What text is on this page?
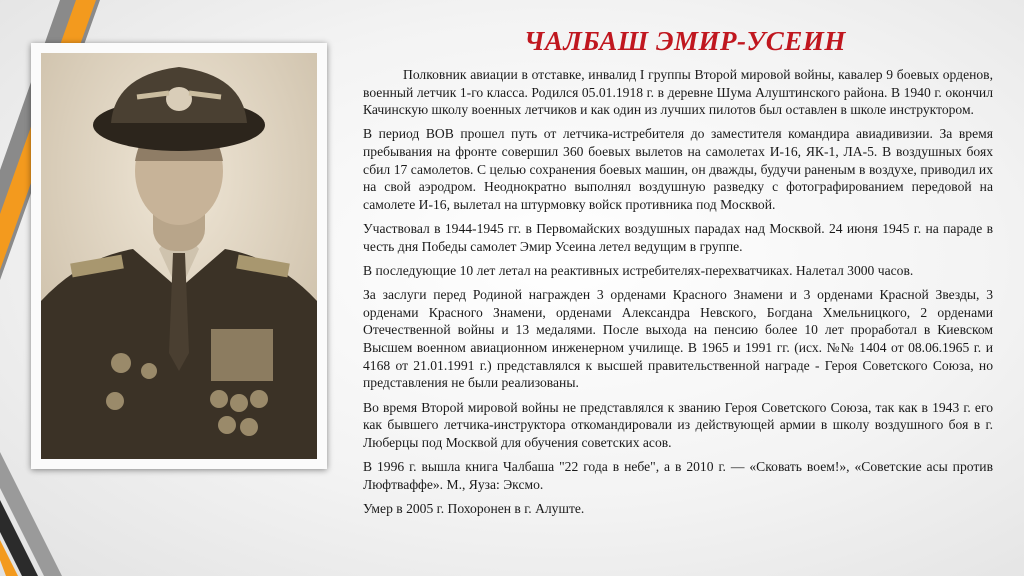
ЧАЛБАШ ЭМИР-УСЕИН

Полковник авиации в отставке, инвалид I группы Второй мировой войны, кавалер 9 боевых орденов, военный летчик 1-го класса. Родился 05.01.1918 г. в деревне Шума Алуштинского района. В 1940 г. окончил Качинскую школу военных летчиков и как один из лучших пилотов был оставлен в школе инструктором.

В период ВОВ прошел путь от летчика-истребителя до заместителя командира авиадивизии. За время пребывания на фронте совершил 360 боевых вылетов на самолетах И-16, ЯК-1, ЛА-5. В воздушных боях сбил 17 самолетов. С целью сохранения боевых машин, он дважды, будучи раненым в воздухе, приводил их на свой аэродром. Неоднократно выполнял воздушную разведку с фотографированием передовой на самолете И-16, вылетал на штурмовку войск противника под Москвой.

Участвовал в 1944-1945 гг. в Первомайских воздушных парадах над Москвой. 24 июня 1945 г. на параде в честь дня Победы самолет Эмир Усеина летел ведущим в группе.

В последующие 10 лет летал на реактивных истребителях-перехватчиках. Налетал 3000 часов.

За заслуги перед Родиной награжден 3 орденами Красного Знамени и 3 орденами Красной Звезды, 3 орденами Красного Знамени, орденами Александра Невского, Богдана Хмельницкого, 2 орденами Отечественной войны и 13 медалями. После выхода на пенсию более 10 лет проработал в Киевском Высшем военном авиационном инженерном училище. В 1965 и 1991 гг. (исх. №№ 1404 от 08.06.1965 г. и 4168 от 21.01.1991 г.) представлялся к высшей правительственной награде - Героя Советского Союза, но представления не были реализованы.

Во время Второй мировой войны не представлялся к званию Героя Советского Союза, так как в 1943 г. его как бывшего летчика-инструктора откомандировали из действующей армии в школу воздушного боя в г. Люберцы под Москвой для обучения советских асов.

В 1996 г. вышла книга Чалбаша "22 года в небе", а в 2010 г. — «Сковать воем!», «Советские асы против Люфтваффе». М., Яуза: Эксмо.

Умер в 2005 г. Похоронен в г. Алуште.
